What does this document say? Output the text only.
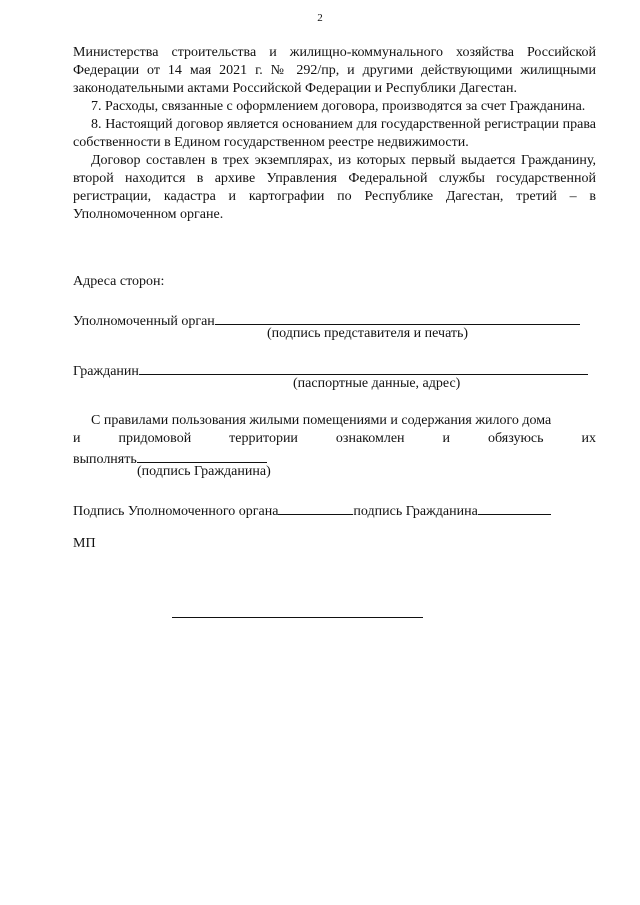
2

Министерства строительства и жилищно-коммунального хозяйства Российской Федерации от 14 мая 2021 г. № 292/пр, и другими действующими жилищными законодательными актами Российской Федерации и Республики Дагестан.

7. Расходы, связанные с оформлением договора, производятся за счет Гражданина.

8. Настоящий договор является основанием для государственной регистрации права собственности в Едином государственном реестре недвижимости.

Договор составлен в трех экземплярах, из которых первый выдается Гражданину, второй находится в архиве Управления Федеральной службы государственной регистрации, кадастра и картографии по Республике Дагестан, третий – в Уполномоченном органе.

Адреса сторон:
Уполномоченный орган
(подпись представителя и печать)
Гражданин
(паспортные данные, адрес)
С правилами пользования жилыми помещениями и содержания жилого дома
и придомовой территории ознакомлен и обязуюсь их
выполнять
(подпись Гражданина)
Подпись Уполномоченного органа	подпись Гражданина
МП
